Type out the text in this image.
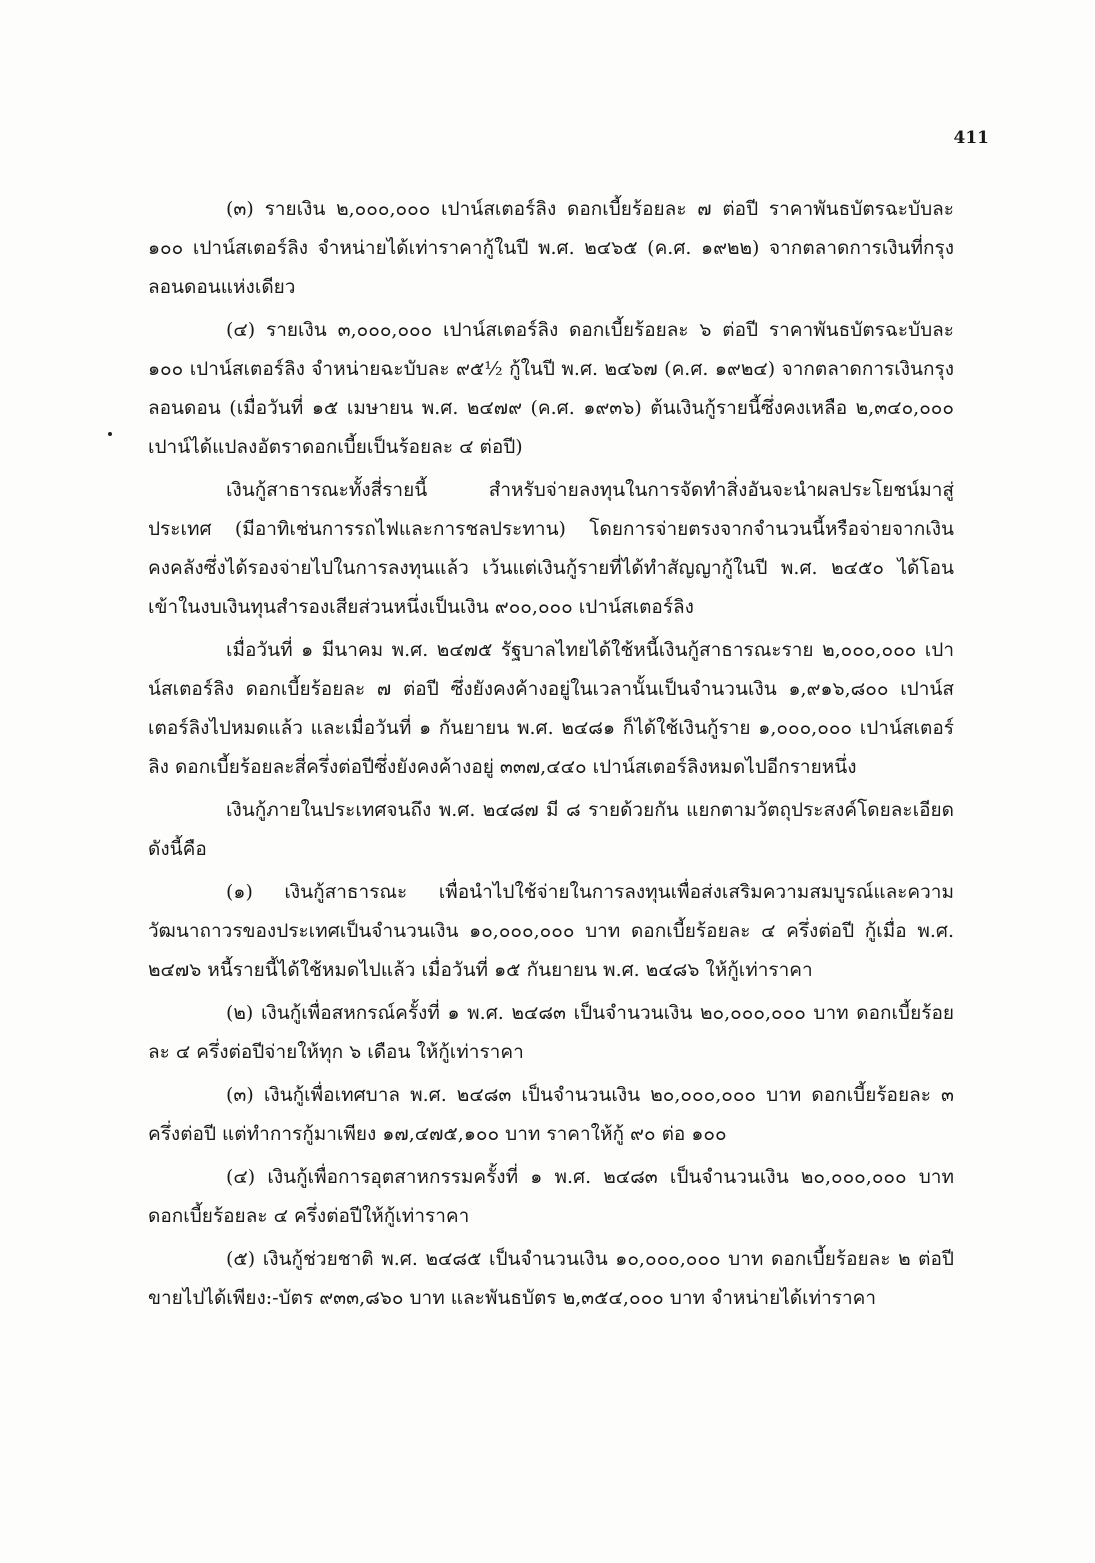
411

(๓) รายเงิน ๒,๐๐๐,๐๐๐ เปาน์สเตอร์ลิง ดอกเบี้ยร้อยละ ๗ ต่อปี ราคาพันธบัตรฉะบับละ ๑๐๐ เปาน์สเตอร์ลิง จำหน่ายได้เท่าราคากู้ในปี พ.ศ. ๒๔๖๕ (ค.ศ. ๑๙๒๒) จากตลาดการเงินที่กรุงลอนดอนแห่งเดียว

(๔) รายเงิน ๓,๐๐๐,๐๐๐ เปาน์สเตอร์ลิง ดอกเบี้ยร้อยละ ๖ ต่อปี ราคาพันธบัตรฉะบับละ ๑๐๐ เปาน์สเตอร์ลิง จำหน่ายฉะบับละ ๙๕½ กู้ในปี พ.ศ. ๒๔๖๗ (ค.ศ. ๑๙๒๔) จากตลาดการเงินกรุงลอนดอน (เมื่อวันที่ ๑๕ เมษายน พ.ศ. ๒๔๗๙ (ค.ศ. ๑๙๓๖) ต้นเงินกู้รายนี้ซึ่งคงเหลือ ๒,๓๔๐,๐๐๐ เปาน์ได้แปลงอัตราดอกเบี้ยเป็นร้อยละ ๔ ต่อปี)

เงินกู้สาธารณะทั้งสี่รายนี้ สำหรับจ่ายลงทุนในการจัดทำสิ่งอันจะนำผลประโยชน์มาสู่ประเทศ (มีอาทิเช่นการรถไฟและการชลประทาน) โดยการจ่ายตรงจากจำนวนนี้หรือจ่ายจากเงินคงคลังซึ่งได้รองจ่ายไปในการลงทุนแล้ว เว้นแต่เงินกู้รายที่ได้ทำสัญญากู้ในปี พ.ศ. ๒๔๕๐ ได้โอนเข้าในงบเงินทุนสำรองเสียส่วนหนึ่งเป็นเงิน ๙๐๐,๐๐๐ เปาน์สเตอร์ลิง

เมื่อวันที่ ๑ มีนาคม พ.ศ. ๒๔๗๕ รัฐบาลไทยได้ใช้หนี้เงินกู้สาธารณะราย ๒,๐๐๐,๐๐๐ เปาน์สเตอร์ลิง ดอกเบี้ยร้อยละ ๗ ต่อปี ซึ่งยังคงค้างอยู่ในเวลานั้นเป็นจำนวนเงิน ๑,๙๑๖,๘๐๐ เปาน์สเตอร์ลิงไปหมดแล้ว และเมื่อวันที่ ๑ กันยายน พ.ศ. ๒๔๘๑ ก็ได้ใช้เงินกู้ราย ๑,๐๐๐,๐๐๐ เปาน์สเตอร์ลิง ดอกเบี้ยร้อยละสี่ครึ่งต่อปีซึ่งยังคงค้างอยู่ ๓๓๗,๔๔๐ เปาน์สเตอร์ลิงหมดไปอีกรายหนึ่ง

เงินกู้ภายในประเทศจนถึง พ.ศ. ๒๔๘๗ มี ๘ รายด้วยกัน แยกตามวัตถุประสงค์โดยละเอียดดังนี้คือ

(๑) เงินกู้สาธารณะ เพื่อนำไปใช้จ่ายในการลงทุนเพื่อส่งเสริมความสมบูรณ์และความวัฒนาถาวรของประเทศเป็นจำนวนเงิน ๑๐,๐๐๐,๐๐๐ บาท ดอกเบี้ยร้อยละ ๔ ครึ่งต่อปี กู้เมื่อ พ.ศ. ๒๔๗๖ หนี้รายนี้ได้ใช้หมดไปแล้ว เมื่อวันที่ ๑๕ กันยายน พ.ศ. ๒๔๘๖ ให้กู้เท่าราคา

(๒) เงินกู้เพื่อสหกรณ์ครั้งที่ ๑ พ.ศ. ๒๔๘๓ เป็นจำนวนเงิน ๒๐,๐๐๐,๐๐๐ บาท ดอกเบี้ยร้อยละ ๔ ครึ่งต่อปีจ่ายให้ทุก ๖ เดือน ให้กู้เท่าราคา

(๓) เงินกู้เพื่อเทศบาล พ.ศ. ๒๔๘๓ เป็นจำนวนเงิน ๒๐,๐๐๐,๐๐๐ บาท ดอกเบี้ยร้อยละ ๓ ครึ่งต่อปี แต่ทำการกู้มาเพียง ๑๗,๔๗๕,๑๐๐ บาท ราคาให้กู้ ๙๐ ต่อ ๑๐๐

(๔) เงินกู้เพื่อการอุตสาหกรรมครั้งที่ ๑ พ.ศ. ๒๔๘๓ เป็นจำนวนเงิน ๒๐,๐๐๐,๐๐๐ บาท ดอกเบี้ยร้อยละ ๔ ครึ่งต่อปีให้กู้เท่าราคา

(๕) เงินกู้ช่วยชาติ พ.ศ. ๒๔๘๕ เป็นจำนวนเงิน ๑๐,๐๐๐,๐๐๐ บาท ดอกเบี้ยร้อยละ ๒ ต่อปี ขายไปได้เพียง:-บัตร ๙๓๓,๘๖๐ บาท และพันธบัตร ๒,๓๕๔,๐๐๐ บาท จำหน่ายได้เท่าราคา
